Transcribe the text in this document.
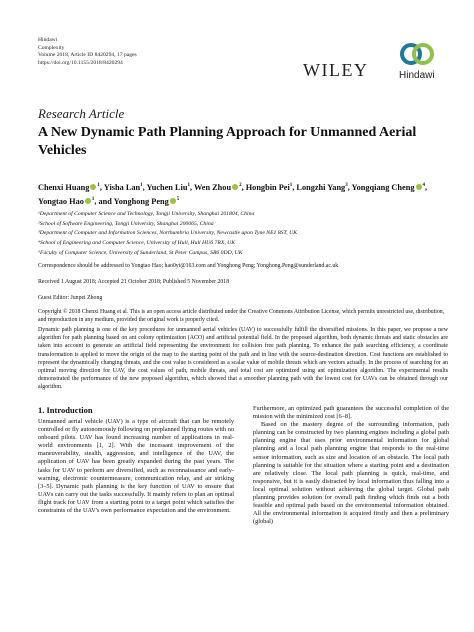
Hindawi
Complexity
Volume 2018, Article ID 8420294, 17 pages
https://doi.org/10.1155/2018/8420294	WILEY	Hindawi
Research Article
A New Dynamic Path Planning Approach for Unmanned Aerial Vehicles
Chenxi Huang $^1$, Yisha Lan$^1$, Yuchen Liu$^1$, Wen Zhou $^2$, Hongbin Pei$^1$, Longzhi Yang$^3$, Yongqiang Cheng $^4$, Yongtao Hao $^1$, and Yonghong Peng $^5$
¹Department of Computer Science and Technology, Tongji University, Shanghai 201804, China
²School of Software Engineering, Tongji University, Shanghai 200065, China
³Department of Computer and Information Sciences, Northumbria University, Newcastle upon Tyne NE1 8ST, UK
⁴School of Engineering and Computer Science, University of Hull, Hull HU6 7RX, UK
⁵Faculty of Computer Science, University of Sunderland, St Peter Campus, SR6 0DD, UK
Correspondence should be addressed to Yongtao Hao; hao0yt@163.com and Yonghong Peng; Yonghong.Peng@sunderland.ac.uk
Received 1 August 2018; Accepted 21 October 2018; Published 5 November 2018
Guest Editor: Junpei Zhong
Copyright © 2018 Chenxi Huang et al. This is an open access article distributed under the Creative Commons Attribution License, which permits unrestricted use, distribution, and reproduction in any medium, provided the original work is properly cited.
Dynamic path planning is one of the key procedures for unmanned aerial vehicles (UAV) to successfully fulfill the diversified missions. In this paper, we propose a new algorithm for path planning based on ant colony optimization (ACO) and artificial potential field. In the proposed algorithm, both dynamic threats and static obstacles are taken into account to generate an artificial field representing the environment for collision free path planning. To enhance the path searching efficiency, a coordinate transformation is applied to move the origin of the map to the starting point of the path and in line with the source-destination direction. Cost functions are established to represent the dynamically changing threats, and the cost value is considered as a scalar value of mobile threats which are vectors actually. In the process of searching for an optimal moving direction for UAV, the cost values of path, mobile threats, and total cost are optimized using ant optimization algorithm. The experimental results demonstrated the performance of the new proposed algorithm, which showed that a smoother planning path with the lowest cost for UAVs can be obtained through our algorithm.
1. Introduction

Unmanned aerial vehicle (UAV) is a type of aircraft that can be remotely controlled or fly autonomously following on preplanned flying routes with no onboard pilots. UAV has found increasing number of applications in real-world environments [1, 2]. With the incessant improvement of the maneuverability, stealth, aggression, and intelligence of the UAV, the application of UAV has been greatly expanded during the past years. The tasks for UAV to perform are diversified, such as reconnaissance and early-warning, electronic countermeasure, communication relay, and air striking [3–5]. Dynamic path planning is the key function of UAV to ensure that UAVs can carry out the tasks successfully. It mainly refers to plan an optimal flight track for UAV from a starting point to a target point which satisfies the constraints of the UAV's own performance expectation and the environment.

Furthermore, an optimized path guarantees the successful completion of the mission with the minimized cost [6–8].

Based on the mastery degree of the surrounding information, path planning can be constructed by two planning engines including a global path planning engine that uses prior environmental information for global planning and a local path planning engine that responds to the real-time sensor information, such as size and location of an obstacle. The local path planning is suitable for the situation where a starting point and a destination are relatively close. The local path planning is quick, real-time, and responsive, but it is easily distracted by local information thus falling into a local optimal solution without achieving the global target. Global path planning provides solution for overall path finding which finds out a both feasible and optimal path based on the environmental information obtained. All the environmental information is acquired firstly and then a preliminary (global)
